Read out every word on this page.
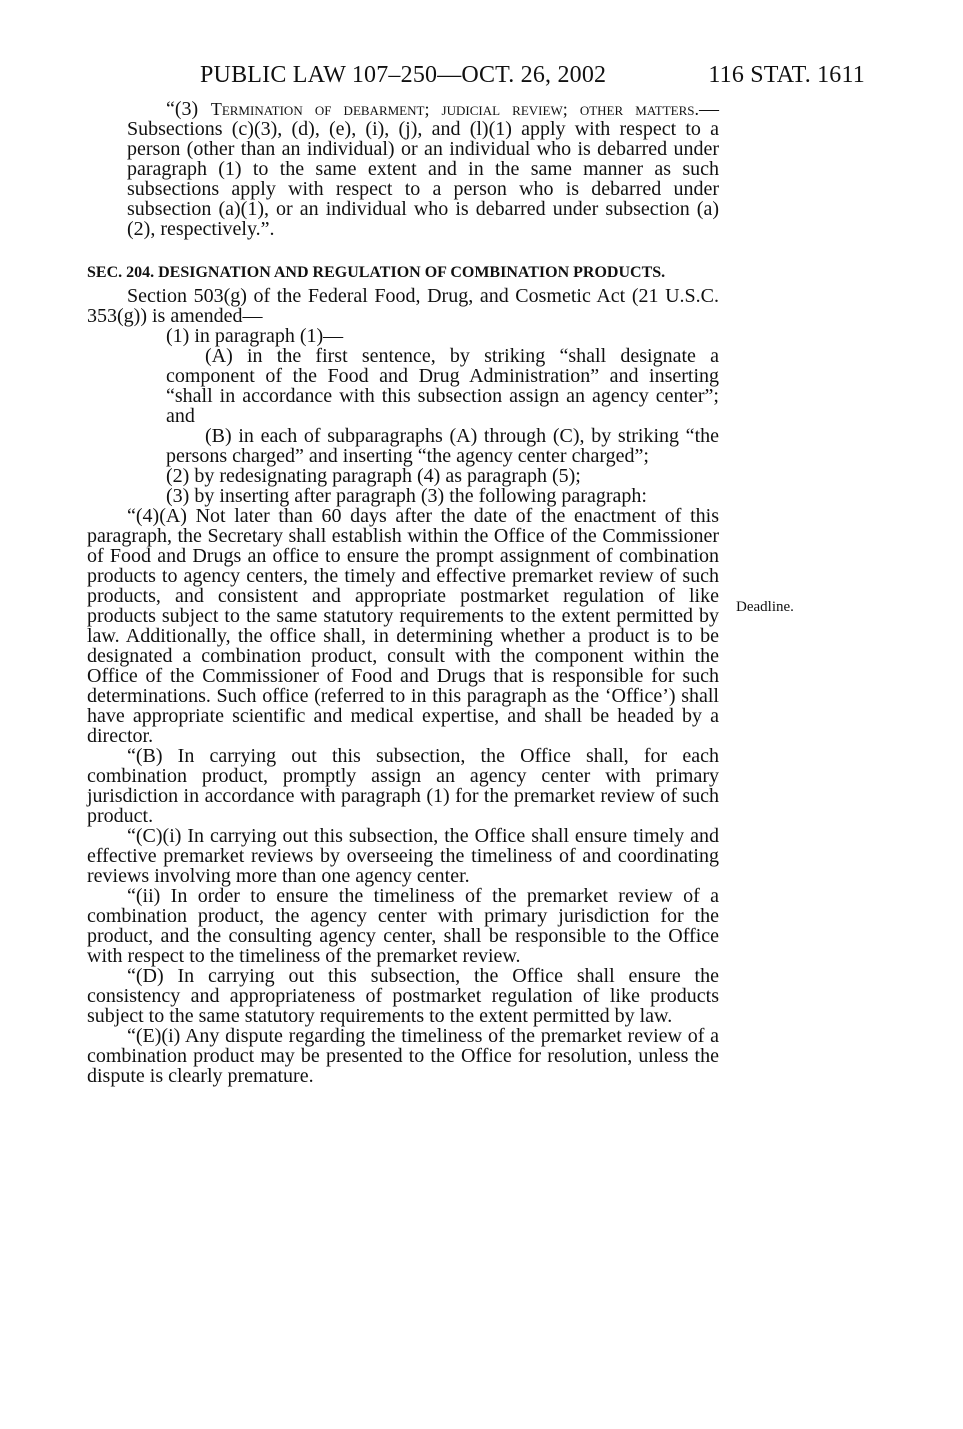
PUBLIC LAW 107–250—OCT. 26, 2002	116 STAT. 1611

“(3) Termination of debarment; judicial review; other matters.—Subsections (c)(3), (d), (e), (i), (j), and (l)(1) apply with respect to a person (other than an individual) or an individual who is debarred under paragraph (1) to the same extent and in the same manner as such subsections apply with respect to a person who is debarred under subsection (a)(1), or an individual who is debarred under subsection (a)(2), respectively.”.

SEC. 204. DESIGNATION AND REGULATION OF COMBINATION PRODUCTS.

Section 503(g) of the Federal Food, Drug, and Cosmetic Act (21 U.S.C. 353(g)) is amended—

(1) in paragraph (1)—

(A) in the first sentence, by striking “shall designate a component of the Food and Drug Administration” and inserting “shall in accordance with this subsection assign an agency center”; and

(B) in each of subparagraphs (A) through (C), by striking “the persons charged” and inserting “the agency center charged”;

(2) by redesignating paragraph (4) as paragraph (5);

(3) by inserting after paragraph (3) the following paragraph:

“(4)(A) Not later than 60 days after the date of the enactment of this paragraph, the Secretary shall establish within the Office of the Commissioner of Food and Drugs an office to ensure the prompt assignment of combination products to agency centers, the timely and effective premarket review of such products, and consistent and appropriate postmarket regulation of like products subject to the same statutory requirements to the extent permitted by law. Additionally, the office shall, in determining whether a product is to be designated a combination product, consult with the component within the Office of the Commissioner of Food and Drugs that is responsible for such determinations. Such office (referred to in this paragraph as the ‘Office’) shall have appropriate scientific and medical expertise, and shall be headed by a director.

“(B) In carrying out this subsection, the Office shall, for each combination product, promptly assign an agency center with primary jurisdiction in accordance with paragraph (1) for the premarket review of such product.

“(C)(i) In carrying out this subsection, the Office shall ensure timely and effective premarket reviews by overseeing the timeliness of and coordinating reviews involving more than one agency center.

“(ii) In order to ensure the timeliness of the premarket review of a combination product, the agency center with primary jurisdiction for the product, and the consulting agency center, shall be responsible to the Office with respect to the timeliness of the premarket review.

“(D) In carrying out this subsection, the Office shall ensure the consistency and appropriateness of postmarket regulation of like products subject to the same statutory requirements to the extent permitted by law.

“(E)(i) Any dispute regarding the timeliness of the premarket review of a combination product may be presented to the Office for resolution, unless the dispute is clearly premature.

Deadline.
